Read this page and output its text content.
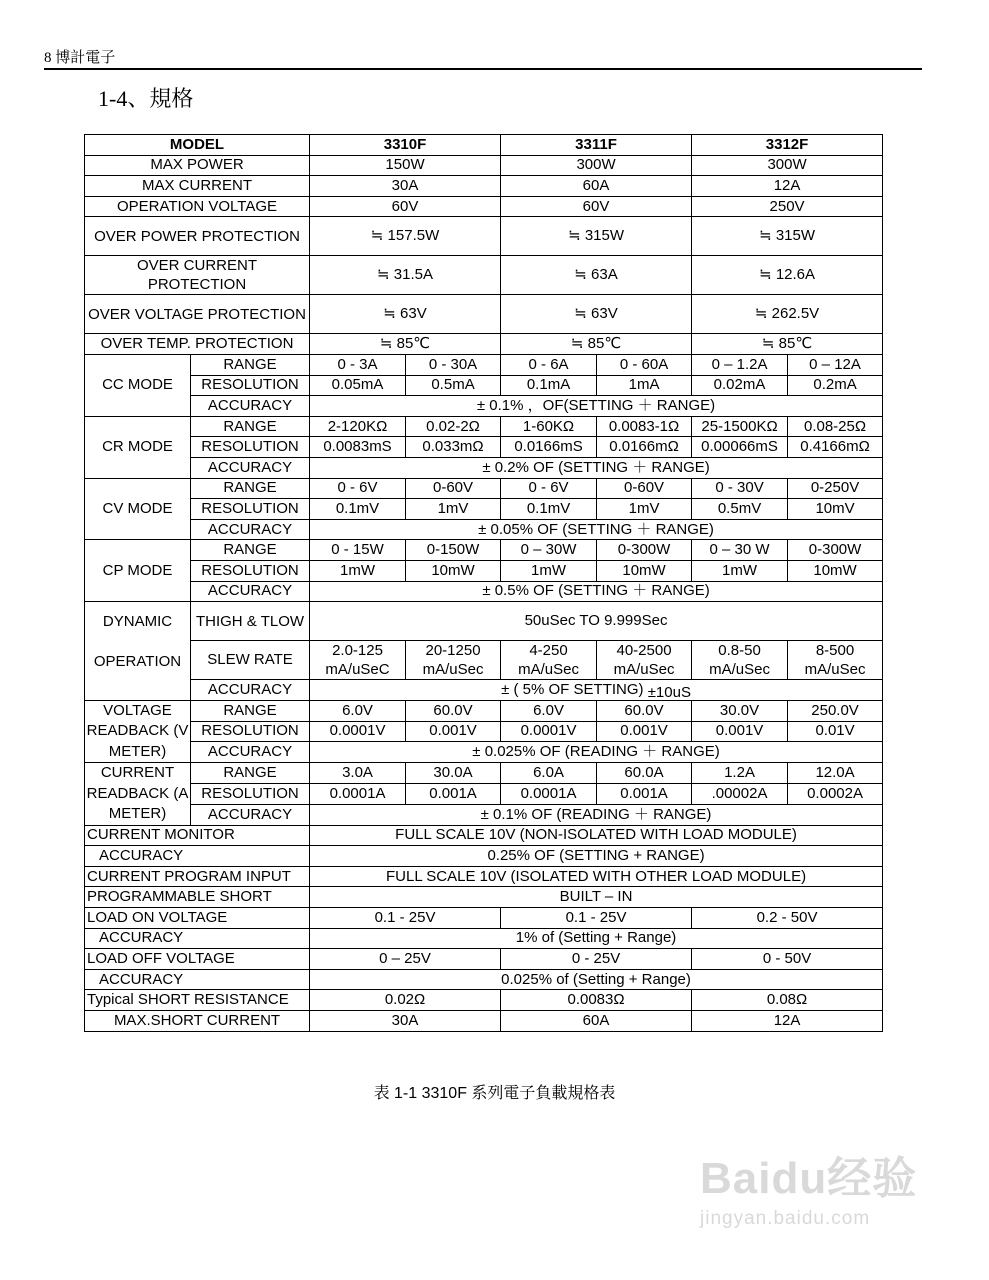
8 博計電子
1-4、規格
MODEL		3310F		3311F		3312F	
MAX POWER		150W		300W		300W	
MAX CURRENT		30A		60A		12A	
OPERATION VOLTAGE		60V		60V		250V	
OVER POWER PROTECTION		≒ 157.5W		≒ 315W		≒ 315W	
OVER CURRENT PROTECTION		≒ 31.5A		≒ 63A		≒ 12.6A	
OVER VOLTAGE PROTECTION		≒ 63V		≒ 63V		≒ 262.5V	
OVER TEMP. PROTECTION		≒ 85℃		≒ 85℃		≒ 85℃	
CC MODE	RANGE	0 - 3A	0 - 30A	0 - 6A	0 - 60A	0 – 1.2A	0 – 12A
	RESOLUTION	0.05mA	0.5mA	0.1mA	1mA	0.02mA	0.2mA
	ACCURACY	± 0.1% ，OF(SETTING ＋ RANGE)					
CR MODE	RANGE	2-120KΩ	0.02-2Ω	1-60KΩ	0.0083-1Ω	25-1500KΩ	0.08-25Ω
	RESOLUTION	0.0083mS	0.033mΩ	0.0166mS	0.0166mΩ	0.00066mS	0.4166mΩ
	ACCURACY	± 0.2% OF (SETTING ＋ RANGE)					
CV MODE	RANGE	0 - 6V	0-60V	0 - 6V	0-60V	0 - 30V	0-250V
	RESOLUTION	0.1mV	1mV	0.1mV	1mV	0.5mV	10mV
	ACCURACY	± 0.05% OF (SETTING ＋ RANGE)					
CP MODE	RANGE	0 - 15W	0-150W	0 – 30W	0-300W	0 – 30 W	0-300W
	RESOLUTION	1mW	10mW	1mW	10mW	1mW	10mW
	ACCURACY	± 0.5% OF (SETTING ＋ RANGE)					

DYNAMIC
OPERATION	THIGH & TLOW	50uSec TO 9.999Sec					
	SLEW RATE	2.0-125 mA/uSeC	20-1250 mA/uSec	4-250 mA/uSec	40-2500 mA/uSec	0.8-50 mA/uSec	8-500 mA/uSec
	ACCURACY	± ( 5% OF SETTING) ±10uS					
VOLTAGE READBACK (V METER)	RANGE	6.0V	60.0V	6.0V	60.0V	30.0V	250.0V
	RESOLUTION	0.0001V	0.001V	0.0001V	0.001V	0.001V	0.01V
	ACCURACY	± 0.025% OF (READING ＋ RANGE)					
CURRENT READBACK (A METER)	RANGE	3.0A	30.0A	6.0A	60.0A	1.2A	12.0A
	RESOLUTION	0.0001A	0.001A	0.0001A	0.001A	.00002A	0.0002A
	ACCURACY	± 0.1% OF (READING ＋ RANGE)					
CURRENT MONITOR		FULL SCALE 10V (NON-ISOLATED WITH LOAD MODULE)					
ACCURACY		0.25% OF (SETTING + RANGE)					
CURRENT PROGRAM INPUT		FULL SCALE 10V (ISOLATED WITH OTHER LOAD MODULE)					
PROGRAMMABLE SHORT		BUILT – IN					
LOAD ON VOLTAGE		0.1 - 25V		0.1 - 25V		0.2 - 50V	
ACCURACY		1% of (Setting + Range)					
LOAD OFF VOLTAGE		0 – 25V		0 - 25V		0 - 50V	
ACCURACY		0.025% of (Setting + Range)					
Typical SHORT RESISTANCE		0.02Ω		0.0083Ω		0.08Ω	
MAX.SHORT CURRENT		30A		60A		12A	
表 1-1 3310F 系列電子負載規格表
Baidu经验
jingyan.baidu.com
